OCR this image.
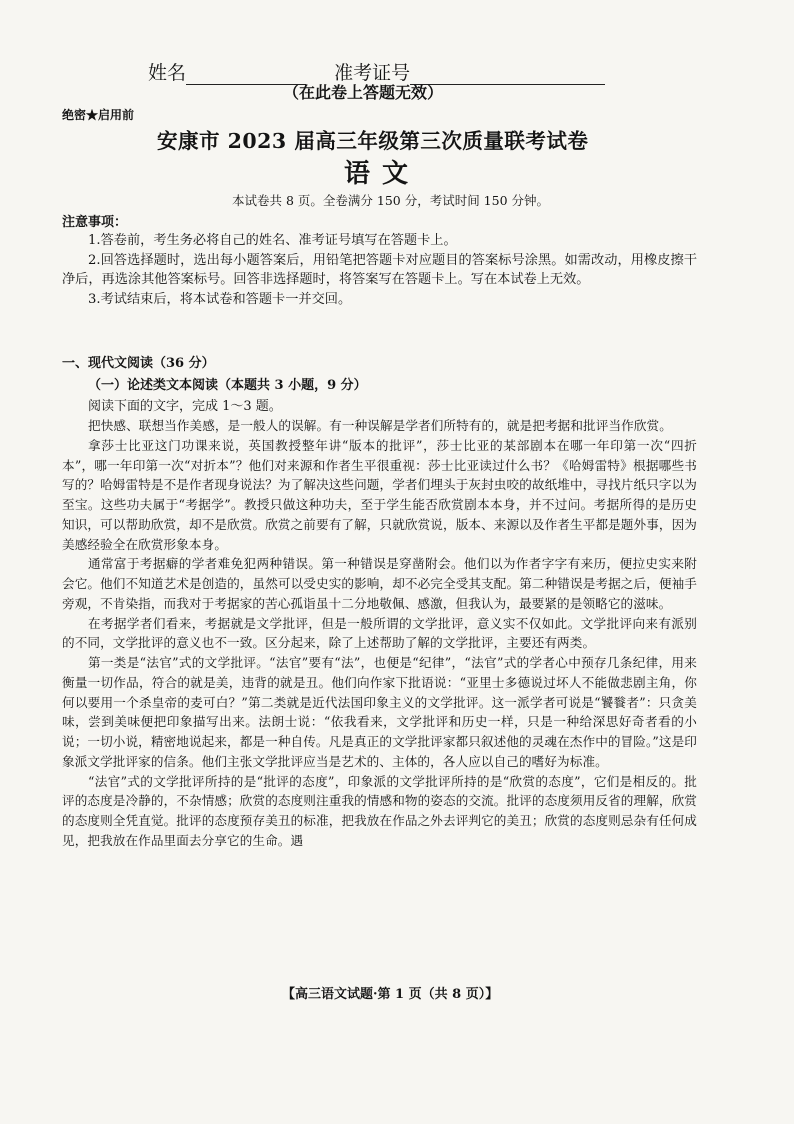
姓名	准考证号
（在此卷上答题无效）
绝密★启用前
安康市 2023 届高三年级第三次质量联考试卷
语文
本试卷共 8 页。全卷满分 150 分，考试时间 150 分钟。
注意事项：

1.答卷前，考生务必将自己的姓名、准考证号填写在答题卡上。

2.回答选择题时，选出每小题答案后，用铅笔把答题卡对应题目的答案标号涂黑。如需改动，用橡皮擦干净后，再选涂其他答案标号。回答非选择题时，将答案写在答题卡上。写在本试卷上无效。

3.考试结束后，将本试卷和答题卡一并交回。

一、现代文阅读（36 分）
（一）论述类文本阅读（本题共 3 小题，9 分）
阅读下面的文字，完成 1～3 题。

把快感、联想当作美感，是一般人的误解。有一种误解是学者们所特有的，就是把考据和批评当作欣赏。

拿莎士比亚这门功课来说，英国教授整年讲“版本的批评”，莎士比亚的某部剧本在哪一年印第一次“四折本”，哪一年印第一次“对折本”？他们对来源和作者生平很重视：莎士比亚读过什么书？《哈姆雷特》根据哪些书写的？哈姆雷特是不是作者现身说法？为了解决这些问题，学者们埋头于灰封虫咬的故纸堆中，寻找片纸只字以为至宝。这些功夫属于“考据学”。教授只做这种功夫，至于学生能否欣赏剧本本身，并不过问。考据所得的是历史知识，可以帮助欣赏，却不是欣赏。欣赏之前要有了解，只就欣赏说，版本、来源以及作者生平都是题外事，因为美感经验全在欣赏形象本身。

通常富于考据癖的学者难免犯两种错误。第一种错误是穿凿附会。他们以为作者字字有来历，便拉史实来附会它。他们不知道艺术是创造的，虽然可以受史实的影响，却不必完全受其支配。第二种错误是考据之后，便袖手旁观，不肯染指，而我对于考据家的苦心孤诣虽十二分地敬佩、感激，但我认为，最要紧的是领略它的滋味。

在考据学者们看来，考据就是文学批评，但是一般所谓的文学批评，意义实不仅如此。文学批评向来有派别的不同，文学批评的意义也不一致。区分起来，除了上述帮助了解的文学批评，主要还有两类。

第一类是“法官”式的文学批评。“法官”要有“法”，也便是“纪律”，“法官”式的学者心中预存几条纪律，用来衡量一切作品，符合的就是美，违背的就是丑。他们向作家下批语说：“亚里士多德说过坏人不能做悲剧主角，你何以要用一个杀皇帝的麦可白？”第二类就是近代法国印象主义的文学批评。这一派学者可说是“饕餮者”：只贪美味，尝到美味便把印象描写出来。法朗士说：“依我看来，文学批评和历史一样，只是一种给深思好奇者看的小说；一切小说，精密地说起来，都是一种自传。凡是真正的文学批评家都只叙述他的灵魂在杰作中的冒险。”这是印象派文学批评家的信条。他们主张文学批评应当是艺术的、主体的，各人应以自己的嗜好为标准。

“法官”式的文学批评所持的是“批评的态度”，印象派的文学批评所持的是“欣赏的态度”，它们是相反的。批评的态度是冷静的，不杂情感；欣赏的态度则注重我的情感和物的姿态的交流。批评的态度须用反省的理解，欣赏的态度则全凭直觉。批评的态度预存美丑的标准，把我放在作品之外去评判它的美丑；欣赏的态度则忌杂有任何成见，把我放在作品里面去分享它的生命。遇

【高三语文试题·第 1 页（共 8 页）】
